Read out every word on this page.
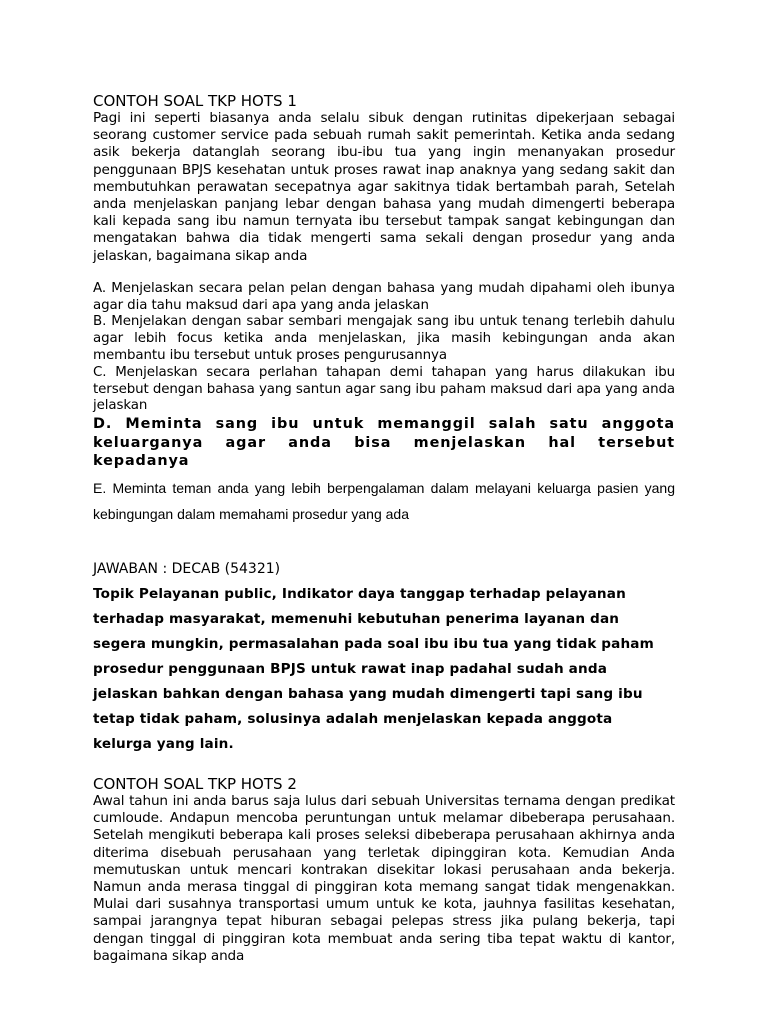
CONTOH SOAL TKP HOTS 1

Pagi ini seperti biasanya anda selalu sibuk dengan rutinitas dipekerjaan sebagai seorang customer service pada sebuah rumah sakit pemerintah. Ketika anda sedang asik bekerja datanglah seorang ibu-ibu tua yang ingin menanyakan prosedur penggunaan BPJS kesehatan untuk proses rawat inap anaknya yang sedang sakit dan membutuhkan perawatan secepatnya agar sakitnya tidak bertambah parah, Setelah anda menjelaskan panjang lebar dengan bahasa yang mudah dimengerti beberapa kali kepada sang ibu namun ternyata ibu tersebut tampak sangat kebingungan dan mengatakan bahwa dia tidak mengerti sama sekali dengan prosedur yang anda jelaskan, bagaimana sikap anda

A. Menjelaskan secara pelan pelan dengan bahasa yang mudah dipahami oleh ibunya agar dia tahu maksud dari apa yang anda jelaskan

B. Menjelakan dengan sabar sembari mengajak sang ibu untuk tenang terlebih dahulu agar lebih focus ketika anda menjelaskan, jika masih kebingungan anda akan membantu ibu tersebut untuk proses pengurusannya

C. Menjelaskan secara perlahan tahapan demi tahapan yang harus dilakukan ibu tersebut dengan bahasa yang santun agar sang ibu paham maksud dari apa yang anda jelaskan

D. Meminta sang ibu untuk memanggil salah satu anggota keluarganya agar anda bisa menjelaskan hal tersebut kepadanya

E. Meminta teman anda yang lebih berpengalaman dalam melayani keluarga pasien yang kebingungan dalam memahami prosedur yang ada

JAWABAN : DECAB (54321)

Topik Pelayanan public, Indikator daya tanggap terhadap pelayanan terhadap masyarakat, memenuhi kebutuhan penerima layanan dan segera mungkin, permasalahan pada soal ibu ibu tua yang tidak paham prosedur penggunaan BPJS untuk rawat inap padahal sudah anda jelaskan bahkan dengan bahasa yang mudah dimengerti tapi sang ibu tetap tidak paham, solusinya adalah menjelaskan kepada anggota kelurga yang lain.

CONTOH SOAL TKP HOTS 2

Awal tahun ini anda barus saja lulus dari sebuah Universitas ternama dengan predikat cumloude. Andapun mencoba peruntungan untuk melamar dibeberapa perusahaan. Setelah mengikuti beberapa kali proses seleksi dibeberapa perusahaan akhirnya anda diterima disebuah perusahaan yang terletak dipinggiran kota. Kemudian Anda memutuskan untuk mencari kontrakan disekitar lokasi perusahaan anda bekerja. Namun anda merasa tinggal di pinggiran kota memang sangat tidak mengenakkan. Mulai dari susahnya transportasi umum untuk ke kota, jauhnya fasilitas kesehatan, sampai jarangnya tepat hiburan sebagai pelepas stress jika pulang bekerja, tapi dengan tinggal di pinggiran kota membuat anda sering tiba tepat waktu di kantor, bagaimana sikap anda
